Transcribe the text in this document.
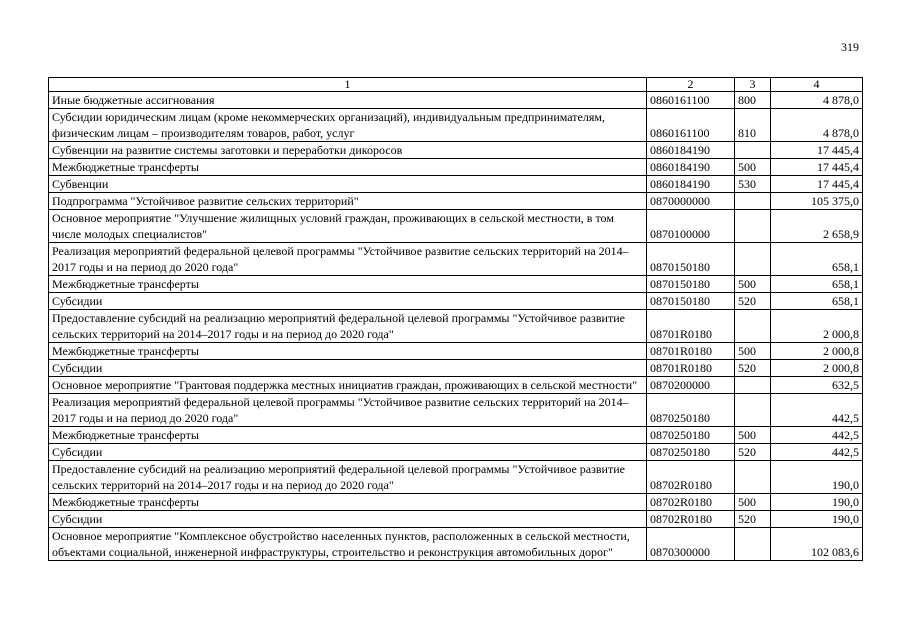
319
1	2	3	4
Иные бюджетные ассигнования	0860161100	800	4 878,0
Субсидии юридическим лицам (кроме некоммерческих организаций), индивидуальным предпринимателям, физическим лицам – производителям товаров, работ, услуг	0860161100	810	4 878,0
Субвенции на развитие системы заготовки и переработки дикоросов	0860184190		17 445,4
Межбюджетные трансферты	0860184190	500	17 445,4
Субвенции	0860184190	530	17 445,4
Подпрограмма "Устойчивое развитие сельских территорий"	0870000000		105 375,0
Основное мероприятие "Улучшение жилищных условий граждан, проживающих в сельской местности, в том числе молодых специалистов"	0870100000		2 658,9
Реализация мероприятий федеральной целевой программы "Устойчивое развитие сельских территорий на 2014–2017 годы и на период до 2020 года"	0870150180		658,1
Межбюджетные трансферты	0870150180	500	658,1
Субсидии	0870150180	520	658,1
Предоставление субсидий на реализацию мероприятий федеральной целевой программы "Устойчивое развитие сельских территорий на 2014–2017 годы и на период до 2020 года"	08701R0180		2 000,8
Межбюджетные трансферты	08701R0180	500	2 000,8
Субсидии	08701R0180	520	2 000,8
Основное мероприятие "Грантовая поддержка местных инициатив граждан, проживающих в сельской местности"	0870200000		632,5
Реализация мероприятий федеральной целевой программы "Устойчивое развитие сельских территорий на 2014–2017 годы и на период до 2020 года"	0870250180		442,5
Межбюджетные трансферты	0870250180	500	442,5
Субсидии	0870250180	520	442,5
Предоставление субсидий на реализацию мероприятий федеральной целевой программы "Устойчивое развитие сельских территорий на 2014–2017 годы и на период до 2020 года"	08702R0180		190,0
Межбюджетные трансферты	08702R0180	500	190,0
Субсидии	08702R0180	520	190,0
Основное мероприятие "Комплексное обустройство населенных пунктов, расположенных в сельской местности, объектами социальной, инженерной инфраструктуры, строительство и реконструкция автомобильных дорог"	0870300000		102 083,6
